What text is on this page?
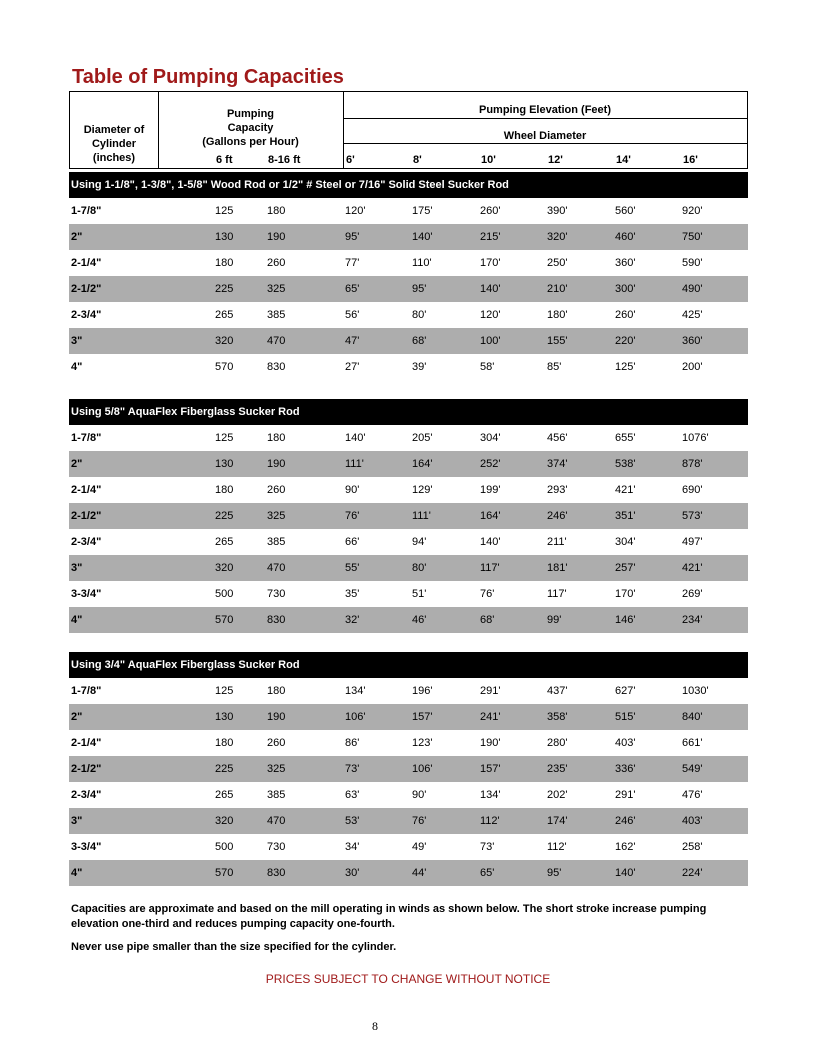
Table of Pumping Capacities
Diameter of
Cylinder
(inches)
Pumping
Capacity
(Gallons per Hour)
6 ft	8-16 ft
Pumping Elevation (Feet)
Wheel Diameter
6'	8'	10'	12'	14'	16'
Using 1-1/8", 1-3/8", 1-5/8" Wood Rod or 1/2" # Steel or 7/16" Solid Steel Sucker Rod
1-7/8"	125	180	120'	175'	260'	390'	560'	920'
2"	130	190	95'	140'	215'	320'	460'	750'
2-1/4"	180	260	77'	110'	170'	250'	360'	590'
2-1/2"	225	325	65'	95'	140'	210'	300'	490'
2-3/4"	265	385	56'	80'	120'	180'	260'	425'
3"	320	470	47'	68'	100'	155'	220'	360'
4"	570	830	27'	39'	58'	85'	125'	200'
Using 5/8" AquaFlex Fiberglass Sucker Rod
1-7/8"	125	180	140'	205'	304'	456'	655'	1076'
2"	130	190	111'	164'	252'	374'	538'	878'
2-1/4"	180	260	90'	129'	199'	293'	421'	690'
2-1/2"	225	325	76'	111'	164'	246'	351'	573'
2-3/4"	265	385	66'	94'	140'	211'	304'	497'
3"	320	470	55'	80'	117'	181'	257'	421'
3-3/4"	500	730	35'	51'	76'	117'	170'	269'
4"	570	830	32'	46'	68'	99'	146'	234'
Using 3/4" AquaFlex Fiberglass Sucker Rod
1-7/8"	125	180	134'	196'	291'	437'	627'	1030'
2"	130	190	106'	157'	241'	358'	515'	840'
2-1/4"	180	260	86'	123'	190'	280'	403'	661'
2-1/2"	225	325	73'	106'	157'	235'	336'	549'
2-3/4"	265	385	63'	90'	134'	202'	291'	476'
3"	320	470	53'	76'	112'	174'	246'	403'
3-3/4"	500	730	34'	49'	73'	112'	162'	258'
4"	570	830	30'	44'	65'	95'	140'	224'
Capacities are approximate and based on the mill operating in winds as shown below. The short stroke increase pumping elevation one-third and reduces pumping capacity one-fourth.
Never use pipe smaller than the size specified for the cylinder.
PRICES SUBJECT TO CHANGE WITHOUT NOTICE
8
